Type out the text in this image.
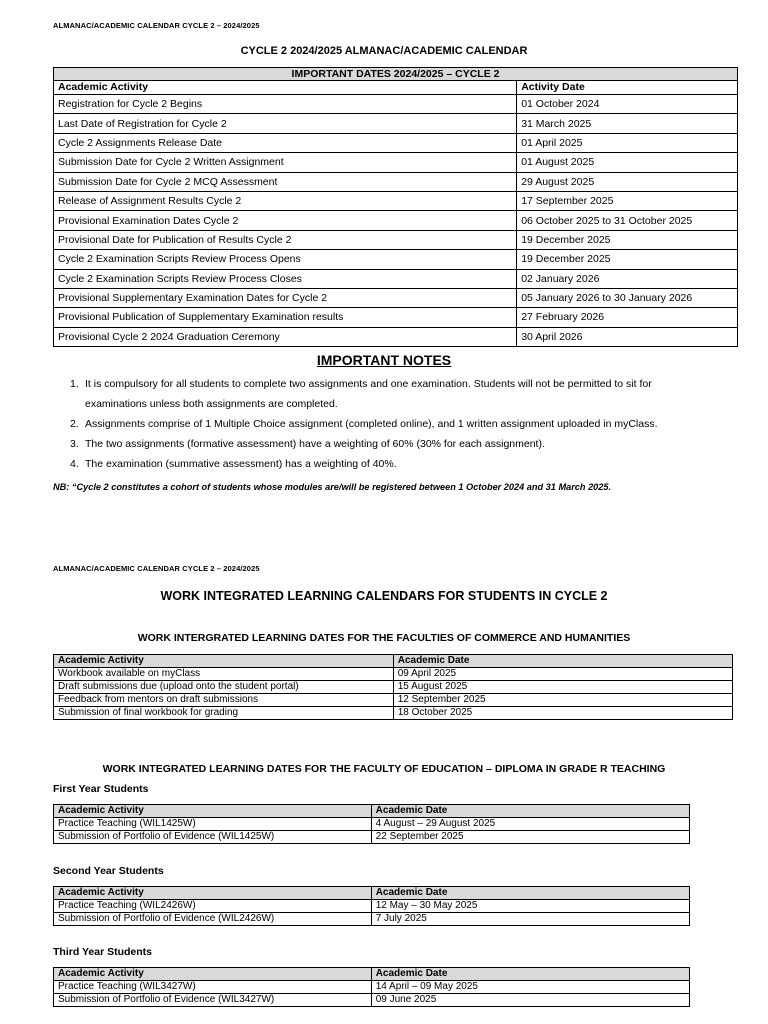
ALMANAC/ACADEMIC CALENDAR CYCLE 2 – 2024/2025
CYCLE 2 2024/2025 ALMANAC/ACADEMIC CALENDAR
IMPORTANT DATES 2024/2025 – CYCLE 2	
Academic Activity	Activity Date
Registration for Cycle 2 Begins	01 October 2024
Last Date of Registration for Cycle 2	31 March 2025
Cycle 2 Assignments Release Date	01 April 2025
Submission Date for Cycle 2 Written Assignment	01 August 2025
Submission Date for Cycle 2 MCQ Assessment	29 August 2025
Release of Assignment Results Cycle 2	17 September 2025
Provisional Examination Dates Cycle 2	06 October 2025 to 31 October 2025
Provisional Date for Publication of Results Cycle 2	19 December 2025
Cycle 2 Examination Scripts Review Process Opens	19 December 2025
Cycle 2 Examination Scripts Review Process Closes	02 January 2026
Provisional Supplementary Examination Dates for Cycle 2	05 January 2026 to 30 January 2026
Provisional Publication of Supplementary Examination results	27 February 2026
Provisional Cycle 2 2024 Graduation Ceremony	30 April 2026
IMPORTANT NOTES
1. It is compulsory for all students to complete two assignments and one examination. Students will not be permitted to sit for examinations unless both assignments are completed.
2. Assignments comprise of 1 Multiple Choice assignment (completed online), and 1 written assignment uploaded in myClass.
3. The two assignments (formative assessment) have a weighting of 60% (30% for each assignment).
4. The examination (summative assessment) has a weighting of 40%.
NB: “Cycle 2 constitutes a cohort of students whose modules are/will be registered between 1 October 2024 and 31 March 2025.
ALMANAC/ACADEMIC CALENDAR CYCLE 2 – 2024/2025
WORK INTEGRATED LEARNING CALENDARS FOR STUDENTS IN CYCLE 2
WORK INTERGRATED LEARNING DATES FOR THE FACULTIES OF COMMERCE AND HUMANITIES
Academic Activity	Academic Date
Workbook available on myClass	09 April 2025
Draft submissions due (upload onto the student portal)	15 August 2025
Feedback from mentors on draft submissions	12 September 2025
Submission of final workbook for grading	18 October 2025
WORK INTEGRATED LEARNING DATES FOR THE FACULTY OF EDUCATION – DIPLOMA IN GRADE R TEACHING
First Year Students
Academic Activity	Academic Date
Practice Teaching (WIL1425W)	4 August – 29 August 2025
Submission of Portfolio of Evidence (WIL1425W)	22 September 2025
Second Year Students
Academic Activity	Academic Date
Practice Teaching (WIL2426W)	12 May – 30 May 2025
Submission of Portfolio of Evidence (WIL2426W)	7 July 2025
Third Year Students
Academic Activity	Academic Date
Practice Teaching (WIL3427W)	14 April – 09 May 2025
Submission of Portfolio of Evidence (WIL3427W)	09 June 2025
